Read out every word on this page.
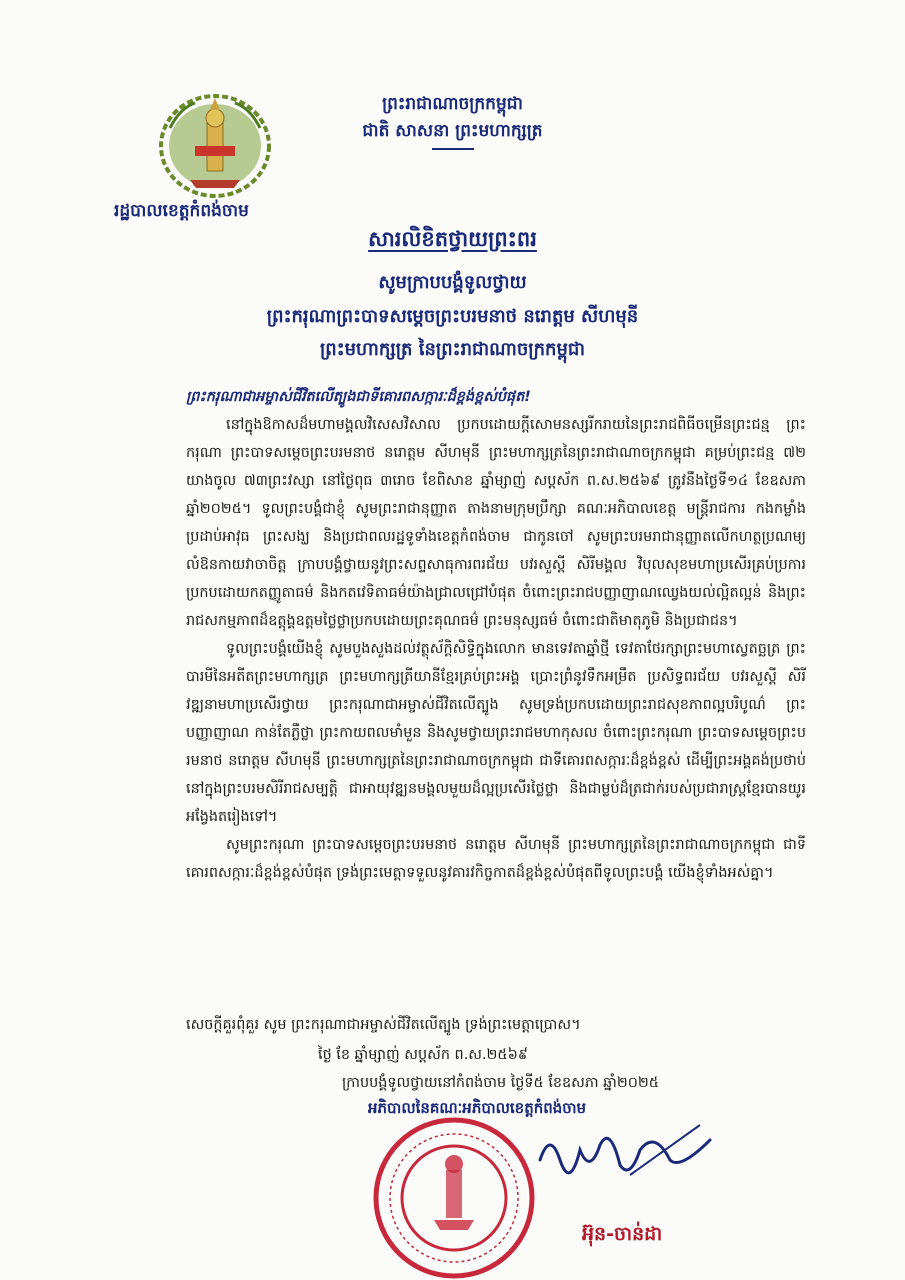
រដ្ឋបាលខេត្តកំពង់ចាម
ព្រះរាជាណាចក្រកម្ពុជា
ជាតិ សាសនា ព្រះមហាក្សត្រ
សារលិខិតថ្វាយព្រះពរ
សូមក្រាបបង្គំទូលថ្វាយ
ព្រះករុណាព្រះបាទសម្តេចព្រះបរមនាថ នរោត្តម សីហមុនី
ព្រះមហាក្សត្រ នៃព្រះរាជាណាចក្រកម្ពុជា
ព្រះករុណាជាអម្ចាស់ជីវិតលើត្បូងជាទីគោរពសក្ការៈដ៏ខ្ពង់ខ្ពស់បំផុត!

នៅក្នុងឱកាសដ៏មហាមង្គលវិសេសវិសាល ប្រកបដោយក្តីសោមនស្សរីករាយនៃព្រះរាជពិធីចម្រើនព្រះជន្ម ព្រះករុណា ព្រះបាទសម្តេចព្រះបរមនាថ នរោត្តម សីហមុនី ព្រះមហាក្សត្រនៃព្រះរាជាណាចក្រកម្ពុជា គម្រប់ព្រះជន្ម ៧២ យាងចូល ៧៣ព្រះវស្សា នៅថ្ងៃពុធ ៣រោច ខែពិសាខ ឆ្នាំម្សាញ់ សប្តស័ក ព.ស.២៥៦៩ ត្រូវនឹងថ្ងៃទី១៤ ខែឧសភា ឆ្នាំ២០២៥។ ទូលព្រះបង្គំជាខ្ញុំ សូមព្រះរាជានុញ្ញាត តាងនាមក្រុមប្រឹក្សា គណៈអភិបាលខេត្ត មន្ត្រីរាជការ កងកម្លាំងប្រដាប់អាវុធ ព្រះសង្ឃ និងប្រជាពលរដ្ឋទូទាំងខេត្តកំពង់ចាម ជាកូនចៅ សូមព្រះបរមរាជានុញ្ញាតលើកហត្ថប្រណម្យ លំឱនកាយវាចាចិត្ត ក្រាបបង្គំថ្វាយនូវព្រះសព្ទសាធុការពរជ័យ បវរសួស្តី សិរីមង្គល វិបុលសុខមហាប្រសើរគ្រប់ប្រការប្រកបដោយកតញ្ញូតាធម៌ និងកតវេទិតាធម៌យ៉ាងជ្រាលជ្រៅបំផុត ចំពោះព្រះរាជបញ្ញាញាណឈ្វេងយល់ល្អិតល្អន់ និងព្រះរាជសកម្មភាពដ៏ឧត្តុង្គឧត្តមថ្លៃថ្លាប្រកបដោយព្រះគុណធម៌ ព្រះមនុស្សធម៌ ចំពោះជាតិមាតុភូមិ និងប្រជាជន។

ទូលព្រះបង្គំយើងខ្ញុំ សូមបួងសួងដល់វត្ថុស័ក្តិសិទ្ធិក្នុងលោក មានទេវតាឆ្នាំថ្មី ទេវតាថែរក្សាព្រះមហាស្វេតច្ឆត្រ ព្រះបារមីនៃអតីតព្រះមហាក្សត្រ ព្រះមហាក្សត្រីយានីខ្មែរគ្រប់ព្រះអង្គ ប្រោះព្រំនូវទឹកអម្រឹត ប្រសិទ្ធពរជ័យ បវរសួស្តី សិរីវឌ្ឍនាមហាប្រសើរថ្វាយ ព្រះករុណាជាអម្ចាស់ជីវិតលើត្បូង សូមទ្រង់ប្រកបដោយព្រះរាជសុខភាពល្អបរិបូណ៌ ព្រះបញ្ញាញាណ កាន់តែភ្លឺថ្លា ព្រះកាយពលមាំមួន និងសូមថ្វាយព្រះរាជមហាកុសល ចំពោះព្រះករុណា ព្រះបាទសម្តេចព្រះបរមនាថ នរោត្តម សីហមុនី ព្រះមហាក្សត្រនៃព្រះរាជាណាចក្រកម្ពុជា ជាទីគោរពសក្ការៈដ៏ខ្ពង់ខ្ពស់ ដើម្បីព្រះអង្គគង់ប្រថាប់នៅក្នុងព្រះបរមសិរីរាជសម្បត្តិ ជាអាយុវឌ្ឍនមង្គលមួយដ៏ល្អប្រសើរថ្លៃថ្លា និងជាម្លប់ដ៏ត្រជាក់របស់ប្រជារាស្ត្រខ្មែរបានយូរអង្វែងតរៀងទៅ។

សូមព្រះករុណា ព្រះបាទសម្តេចព្រះបរមនាថ នរោត្តម សីហមុនី ព្រះមហាក្សត្រនៃព្រះរាជាណាចក្រកម្ពុជា ជាទីគោរពសក្ការៈដ៏ខ្ពង់ខ្ពស់បំផុត ទ្រង់ព្រះមេត្តាទទួលនូវគារវកិច្ចកាតដ៏ខ្ពង់ខ្ពស់បំផុតពីទូលព្រះបង្គំ យើងខ្ញុំទាំងអស់គ្នា។

សេចក្តីគួរពុំគួរ សូម ព្រះករុណាជាអម្ចាស់ជីវិតលើត្បូង ទ្រង់ព្រះមេត្តាប្រោស។
ថ្ងៃ ខែ ឆ្នាំម្សាញ់ សប្តស័ក ព.ស.២៥៦៩
ក្រាបបង្គំទូលថ្វាយនៅកំពង់ចាម ថ្ងៃទី៥ ខែឧសភា ឆ្នាំ២០២៥
អភិបាលនៃគណៈអភិបាលខេត្តកំពង់ចាម
អ៊ុន-ចាន់ដា
